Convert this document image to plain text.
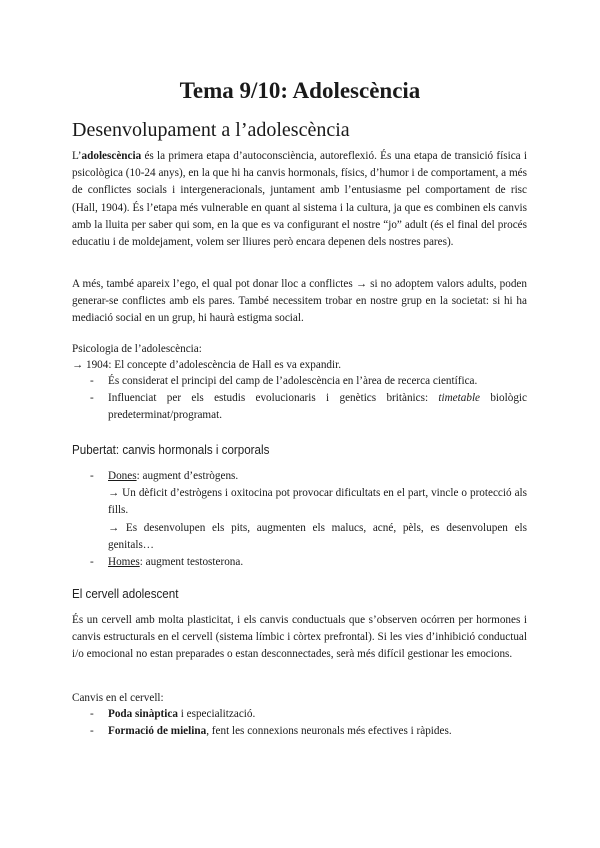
Tema 9/10: Adolescència
Desenvolupament a l’adolescència

L’adolescència és la primera etapa d’autoconsciència, autoreflexió. És una etapa de transició física i psicològica (10-24 anys), en la que hi ha canvis hormonals, físics, d’humor i de comportament, a més de conflictes socials i intergeneracionals, juntament amb l’entusiasme pel comportament de risc (Hall, 1904). És l’etapa més vulnerable en quant al sistema i la cultura, ja que es combinen els canvis amb la lluita per saber qui som, en la que es va configurant el nostre “jo” adult (és el final del procés educatiu i de moldejament, volem ser lliures però encara depenen dels nostres pares).

A més, també apareix l’ego, el qual pot donar lloc a conflictes → si no adoptem valors adults, poden generar-se conflictes amb els pares. També necessitem trobar en nostre grup en la societat: si hi ha mediació social en un grup, hi haurà estigma social.

Psicologia de l’adolescència:

→ 1904: El concepte d’adolescència de Hall es va expandir.

- És considerat el principi del camp de l’adolescència en l’àrea de recerca científica.
- Influenciat per els estudis evolucionaris i genètics britànics: timetable biològic predeterminat/programat.
Pubertat: canvis hormonals i corporals
- Dones: augment d’estrògens.
→ Un dèficit d’estrògens i oxitocina pot provocar dificultats en el part, vincle o protecció als fills.
→ Es desenvolupen els pits, augmenten els malucs, acné, pèls, es desenvolupen els genitals…
- Homes: augment testosterona.
El cervell adolescent

És un cervell amb molta plasticitat, i els canvis conductuals que s’observen ocórren per hormones i canvis estructurals en el cervell (sistema límbic i còrtex prefrontal). Si les vies d’inhibició conductual i/o emocional no estan preparades o estan desconnectades, serà més difícil gestionar les emocions.

Canvis en el cervell:

- Poda sinàptica i especialització.
- Formació de mielina, fent les connexions neuronals més efectives i ràpides.
